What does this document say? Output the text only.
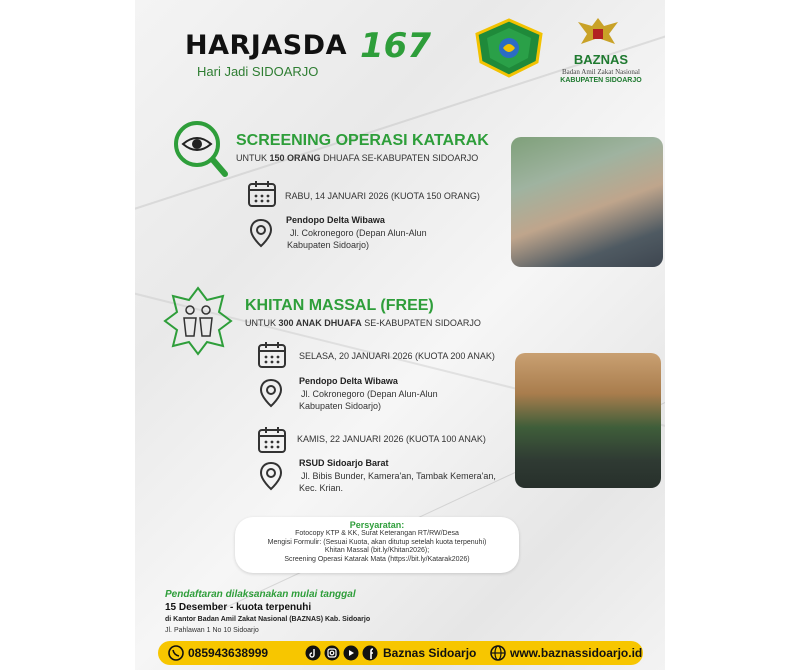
HARJASDA 167
Hari Jadi SIDOARJO
BAZNAS
Badan Amil Zakat Nasional
KABUPATEN SIDOARJO
SCREENING OPERASI KATARAK
UNTUK 150 ORANG DHUAFA SE-KABUPATEN SIDOARJO
RABU, 14 JANUARI 2026 (KUOTA 150 ORANG)
Pendopo Delta Wibawa
Jl. Cokronegoro (Depan Alun-Alun
Kabupaten Sidoarjo)
KHITAN MASSAL (FREE)
UNTUK 300 ANAK DHUAFA SE-KABUPATEN SIDOARJO
SELASA, 20 JANUARI 2026 (KUOTA 200 ANAK)
Pendopo Delta Wibawa
Jl. Cokronegoro (Depan Alun-Alun
Kabupaten Sidoarjo)
KAMIS, 22 JANUARI 2026 (KUOTA 100 ANAK)
RSUD Sidoarjo Barat
Jl. Bibis Bunder, Kamera'an, Tambak Kemera'an,
Kec. Krian.
Persyaratan:
Fotocopy KTP & KK, Surat Keterangan RT/RW/Desa
Mengisi Formulir: (Sesuai Kuota, akan ditutup setelah kuota terpenuhi)
Khitan Massal (bit.ly/Khitan2026);
Screening Operasi Katarak Mata (https://bit.ly/Katarak2026)
Pendaftaran dilaksanakan mulai tanggal
15 Desember - kuota terpenuhi
di Kantor Badan Amil Zakat Nasional (BAZNAS) Kab. Sidoarjo
Jl. Pahlawan 1 No 10 Sidoarjo
085943638999	Baznas Sidoarjo	www.baznassidoarjo.id
